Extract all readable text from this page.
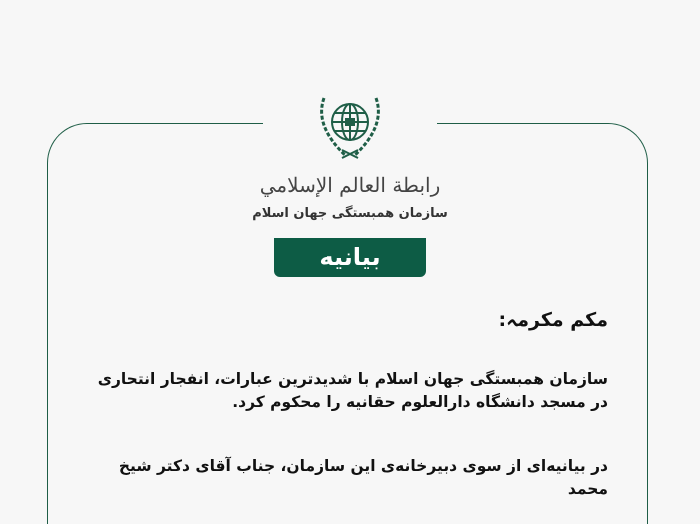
رابطة العالم الإسلامي
سازمان همبستگی جهان اسلام
بیانیه
مکم مکرمہ:
سازمان همبستگی جهان اسلام با شدیدترین عبارات، انفجار انتحاری در مسجد دانشگاه دارالعلوم حقانیه را محکوم کرد.
در بیانیه‌ای از سوی دبیرخانه‌ی این سازمان، جناب آقای دکتر شیخ محمد
